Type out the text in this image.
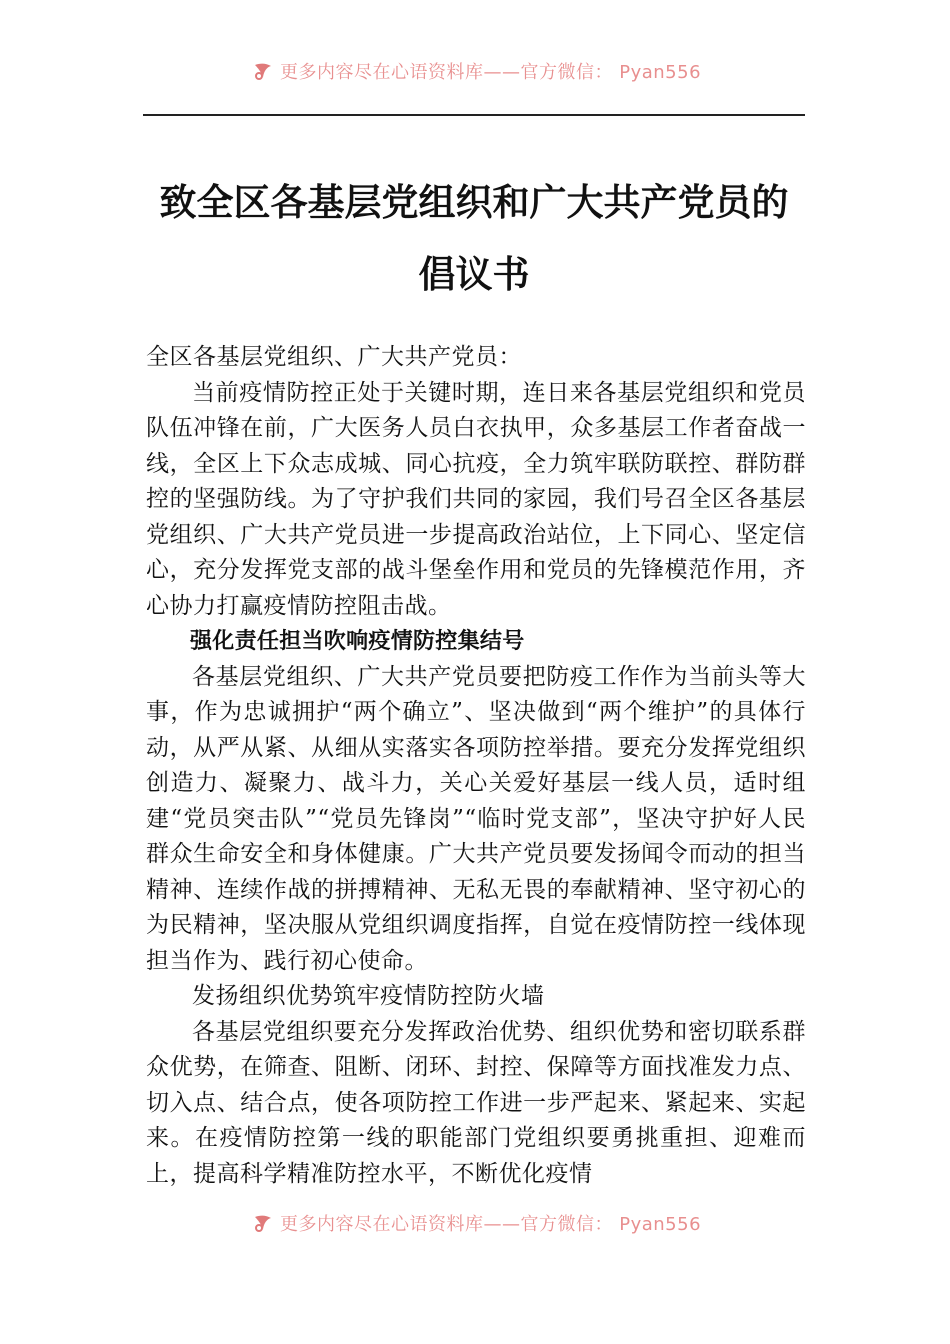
更多内容尽在心语资料库——官方微信： Pyan556
致全区各基层党组织和广大共产党员的倡议书

全区各基层党组织、广大共产党员：

当前疫情防控正处于关键时期，连日来各基层党组织和党员队伍冲锋在前，广大医务人员白衣执甲，众多基层工作者奋战一线，全区上下众志成城、同心抗疫，全力筑牢联防联控、群防群控的坚强防线。为了守护我们共同的家园，我们号召全区各基层党组织、广大共产党员进一步提高政治站位，上下同心、坚定信心，充分发挥党支部的战斗堡垒作用和党员的先锋模范作用，齐心协力打赢疫情防控阻击战。

强化责任担当吹响疫情防控集结号

各基层党组织、广大共产党员要把防疫工作作为当前头等大事，作为忠诚拥护“两个确立”、坚决做到“两个维护”的具体行动，从严从紧、从细从实落实各项防控举措。要充分发挥党组织创造力、凝聚力、战斗力，关心关爱好基层一线人员，适时组建“党员突击队”“党员先锋岗”“临时党支部”，坚决守护好人民群众生命安全和身体健康。广大共产党员要发扬闻令而动的担当精神、连续作战的拼搏精神、无私无畏的奉献精神、坚守初心的为民精神，坚决服从党组织调度指挥，自觉在疫情防控一线体现担当作为、践行初心使命。

发扬组织优势筑牢疫情防控防火墙

各基层党组织要充分发挥政治优势、组织优势和密切联系群众优势，在筛查、阻断、闭环、封控、保障等方面找准发力点、切入点、结合点，使各项防控工作进一步严起来、紧起来、实起来。在疫情防控第一线的职能部门党组织要勇挑重担、迎难而上，提高科学精准防控水平，不断优化疫情

更多内容尽在心语资料库——官方微信： Pyan556
